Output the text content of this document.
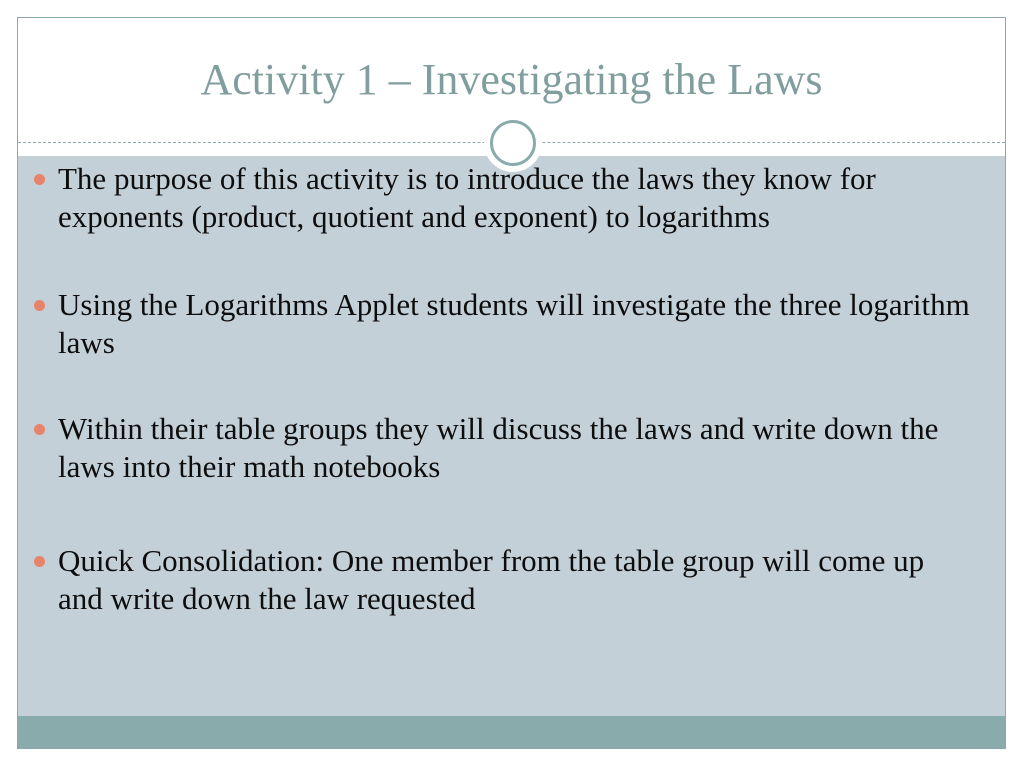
Activity 1 – Investigating the Laws
The purpose of this activity is to introduce the laws they know for exponents (product, quotient and exponent) to logarithms
Using the Logarithms Applet students will investigate the three logarithm laws
Within their table groups they will discuss the laws and write down the laws into their math notebooks
Quick Consolidation: One member from the table group will come up and write down the law requested
